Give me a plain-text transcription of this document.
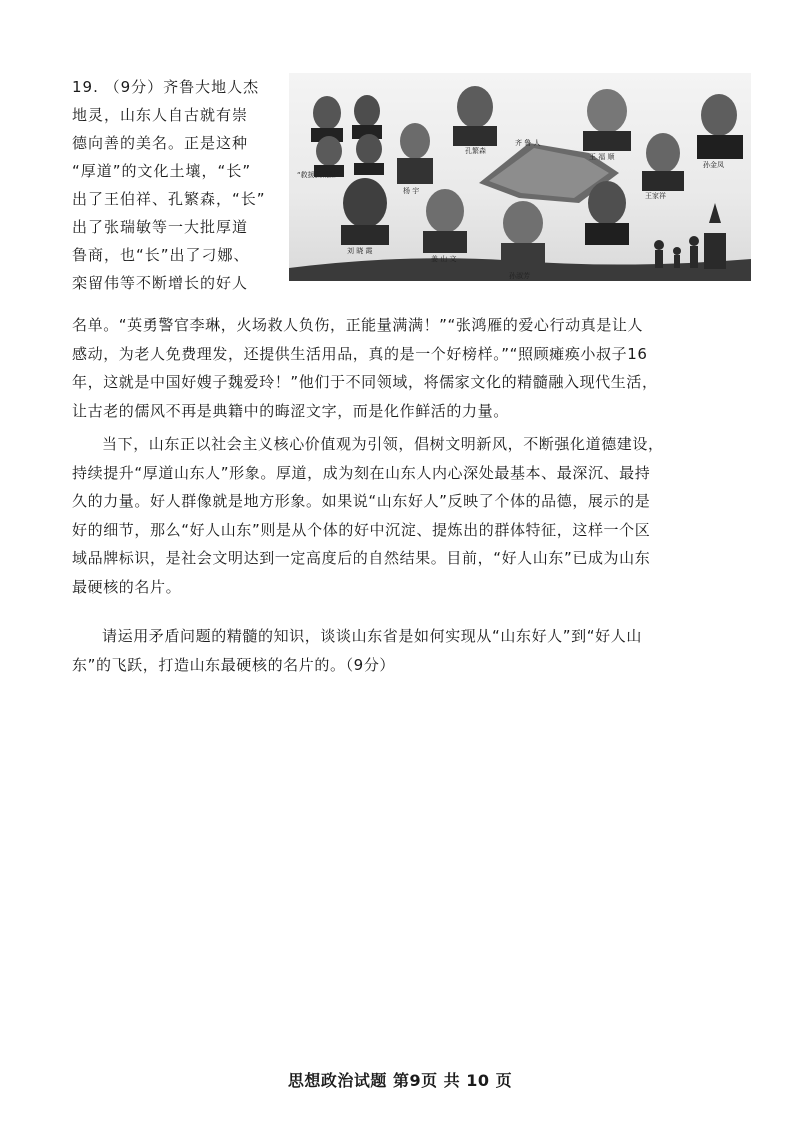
19. （9分）齐鲁大地人杰
地灵，山东人自古就有崇
德向善的美名。正是这种
“厚道”的文化土壤，“长”
出了王伯祥、孔繁森，“长”
出了张瑞敏等一大批厚道
鲁商，也“长”出了刁娜、
栾留伟等不断增长的好人
“救援孤城保”
杨 宇
齐 鲁 人
王 福 顺
孙金凤
孔繁森
王家祥
刘 晓 霞
姜 山 文
孙淑芳

名单。“英勇警官李琳，火场救人负伤，正能量满满！”“张鸿雁的爱心行动真是让人

感动，为老人免费理发，还提供生活用品，真的是一个好榜样。”“照顾瘫痪小叔子16

年，这就是中国好嫂子魏爱玲！”他们于不同领域，将儒家文化的精髓融入现代生活，

让古老的儒风不再是典籍中的晦涩文字，而是化作鲜活的力量。

当下，山东正以社会主义核心价值观为引领，倡树文明新风，不断强化道德建设，

持续提升“厚道山东人”形象。厚道，成为刻在山东人内心深处最基本、最深沉、最持

久的力量。好人群像就是地方形象。如果说“山东好人”反映了个体的品德，展示的是

好的细节，那么“好人山东”则是从个体的好中沉淀、提炼出的群体特征，这样一个区

域品牌标识，是社会文明达到一定高度后的自然结果。目前，“好人山东”已成为山东

最硬核的名片。

请运用矛盾问题的精髓的知识，谈谈山东省是如何实现从“山东好人”到“好人山

东”的飞跃，打造山东最硬核的名片的。（9分）

思想政治试题 第9页 共 10 页
